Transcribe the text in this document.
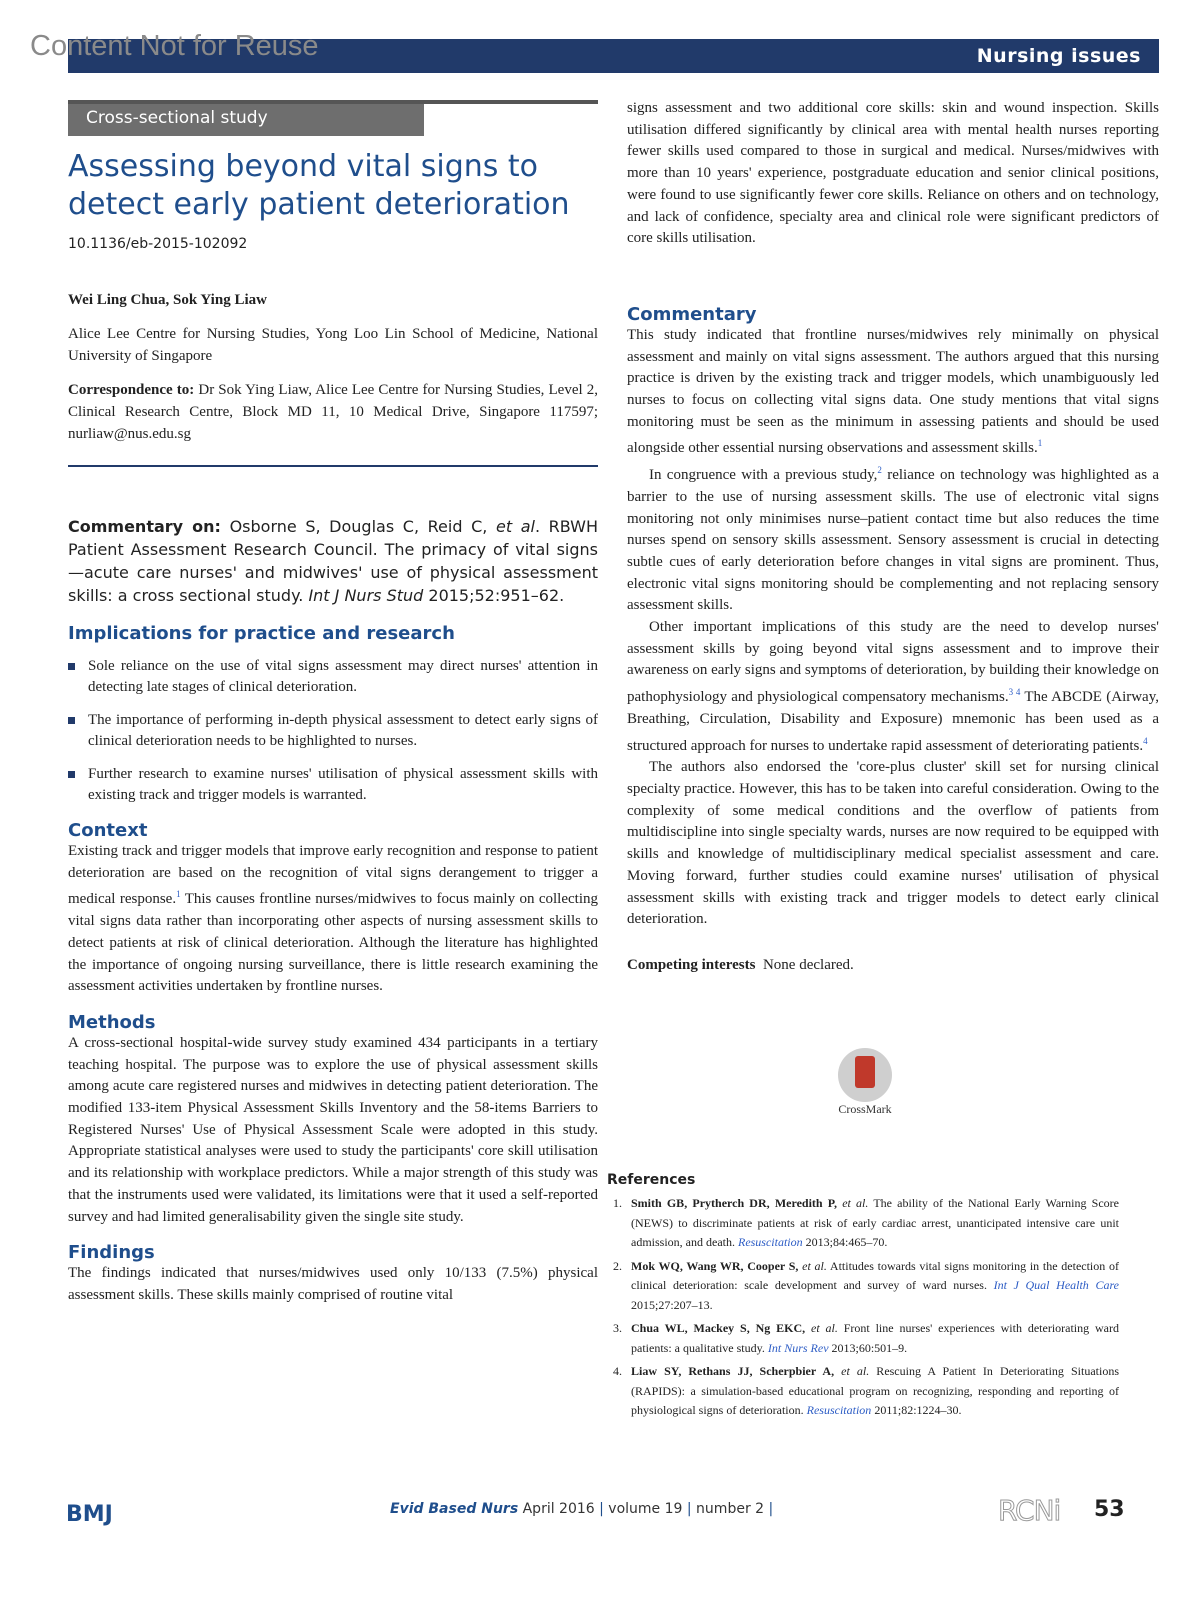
Content Not for Reuse	Nursing issues
Cross-sectional study
Assessing beyond vital signs to
detect early patient deterioration
10.1136/eb-2015-102092
Wei Ling Chua, Sok Ying Liaw
Alice Lee Centre for Nursing Studies, Yong Loo Lin School of Medicine, National University of Singapore
Correspondence to: Dr Sok Ying Liaw, Alice Lee Centre for Nursing Studies, Level 2, Clinical Research Centre, Block MD 11, 10 Medical Drive, Singapore 117597; nurliaw@nus.edu.sg
Commentary on: Osborne S, Douglas C, Reid C, et al. RBWH Patient Assessment Research Council. The primacy of vital signs—acute care nurses' and midwives' use of physical assessment skills: a cross sectional study. Int J Nurs Stud 2015;52:951–62.
Implications for practice and research
Sole reliance on the use of vital signs assessment may direct nurses' attention in detecting late stages of clinical deterioration.
The importance of performing in-depth physical assessment to detect early signs of clinical deterioration needs to be highlighted to nurses.
Further research to examine nurses' utilisation of physical assessment skills with existing track and trigger models is warranted.
Context

Existing track and trigger models that improve early recognition and response to patient deterioration are based on the recognition of vital signs derangement to trigger a medical response.$^1$ This causes frontline nurses/midwives to focus mainly on collecting vital signs data rather than incorporating other aspects of nursing assessment skills to detect patients at risk of clinical deterioration. Although the literature has highlighted the importance of ongoing nursing surveillance, there is little research examining the assessment activities undertaken by frontline nurses.

Methods

A cross-sectional hospital-wide survey study examined 434 participants in a tertiary teaching hospital. The purpose was to explore the use of physical assessment skills among acute care registered nurses and midwives in detecting patient deterioration. The modified 133-item Physical Assessment Skills Inventory and the 58-items Barriers to Registered Nurses' Use of Physical Assessment Scale were adopted in this study. Appropriate statistical analyses were used to study the participants' core skill utilisation and its relationship with workplace predictors. While a major strength of this study was that the instruments used were validated, its limitations were that it used a self-reported survey and had limited generalisability given the single site study.

Findings

The findings indicated that nurses/midwives used only 10/133 (7.5%) physical assessment skills. These skills mainly comprised of routine vital

signs assessment and two additional core skills: skin and wound inspection. Skills utilisation differed significantly by clinical area with mental health nurses reporting fewer skills used compared to those in surgical and medical. Nurses/midwives with more than 10 years' experience, postgraduate education and senior clinical positions, were found to use significantly fewer core skills. Reliance on others and on technology, and lack of confidence, specialty area and clinical role were significant predictors of core skills utilisation.

Commentary

This study indicated that frontline nurses/midwives rely minimally on physical assessment and mainly on vital signs assessment. The authors argued that this nursing practice is driven by the existing track and trigger models, which unambiguously led nurses to focus on collecting vital signs data. One study mentions that vital signs monitoring must be seen as the minimum in assessing patients and should be used alongside other essential nursing observations and assessment skills.$^1$

In congruence with a previous study,$^2$ reliance on technology was highlighted as a barrier to the use of nursing assessment skills. The use of electronic vital signs monitoring not only minimises nurse–patient contact time but also reduces the time nurses spend on sensory skills assessment. Sensory assessment is crucial in detecting subtle cues of early deterioration before changes in vital signs are prominent. Thus, electronic vital signs monitoring should be complementing and not replacing sensory assessment skills.

Other important implications of this study are the need to develop nurses' assessment skills by going beyond vital signs assessment and to improve their awareness on early signs and symptoms of deterioration, by building their knowledge on pathophysiology and physiological compensatory mechanisms.$^{3 4}$ The ABCDE (Airway, Breathing, Circulation, Disability and Exposure) mnemonic has been used as a structured approach for nurses to undertake rapid assessment of deteriorating patients.$^4$

The authors also endorsed the 'core-plus cluster' skill set for nursing clinical specialty practice. However, this has to be taken into careful consideration. Owing to the complexity of some medical conditions and the overflow of patients from multidiscipline into single specialty wards, nurses are now required to be equipped with skills and knowledge of multidisciplinary medical specialist assessment and care. Moving forward, further studies could examine nurses' utilisation of physical assessment skills with existing track and trigger models to detect early clinical deterioration.

Competing interests None declared.
CrossMark
References
1. Smith GB, Prytherch DR, Meredith P, et al. The ability of the National Early Warning Score (NEWS) to discriminate patients at risk of early cardiac arrest, unanticipated intensive care unit admission, and death. Resuscitation 2013;84:465–70.
2. Mok WQ, Wang WR, Cooper S, et al. Attitudes towards vital signs monitoring in the detection of clinical deterioration: scale development and survey of ward nurses. Int J Qual Health Care 2015;27:207–13.
3. Chua WL, Mackey S, Ng EKC, et al. Front line nurses' experiences with deteriorating ward patients: a qualitative study. Int Nurs Rev 2013;60:501–9.
4. Liaw SY, Rethans JJ, Scherpbier A, et al. Rescuing A Patient In Deteriorating Situations (RAPIDS): a simulation-based educational program on recognizing, responding and reporting of physiological signs of deterioration. Resuscitation 2011;82:1224–30.
BMJ	Evid Based Nurs April 2016 | volume 19 | number 2 |	RCNi 53
